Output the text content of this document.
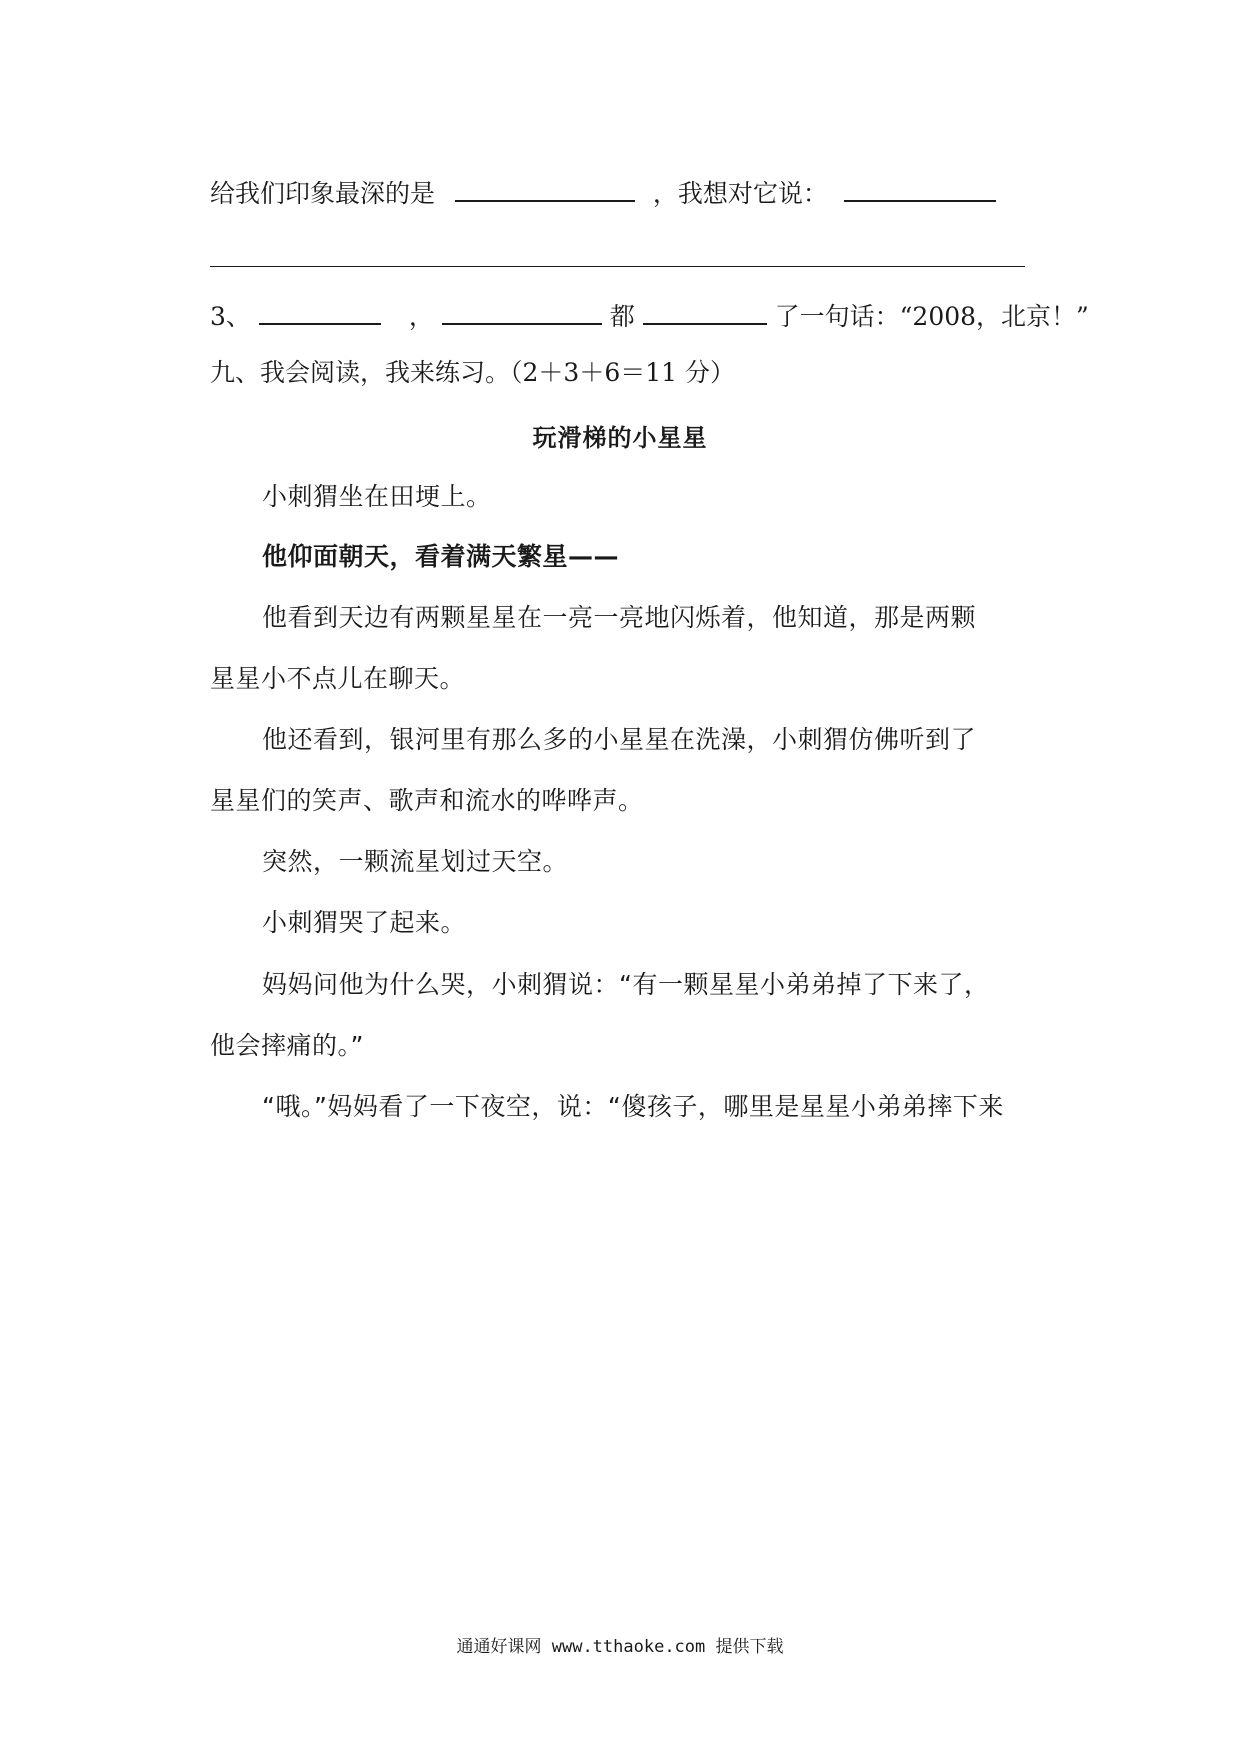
给我们印象最深的是	，我想对它说：
3、	，	都	了一句话：“2008，北京！”
九、我会阅读，我来练习。（2＋3＋6＝11 分）
玩滑梯的小星星
小刺猬坐在田埂上。
他仰面朝天，看着满天繁星——
他看到天边有两颗星星在一亮一亮地闪烁着，他知道，那是两颗
星星小不点儿在聊天。
他还看到，银河里有那么多的小星星在洗澡，小刺猬仿佛听到了
星星们的笑声、歌声和流水的哗哗声。
突然，一颗流星划过天空。
小刺猬哭了起来。
妈妈问他为什么哭，小刺猬说：“有一颗星星小弟弟掉了下来了，
他会摔痛的。”
“哦。”妈妈看了一下夜空，说：“傻孩子，哪里是星星小弟弟摔下来
通通好课网 www.tthaoke.com 提供下载
